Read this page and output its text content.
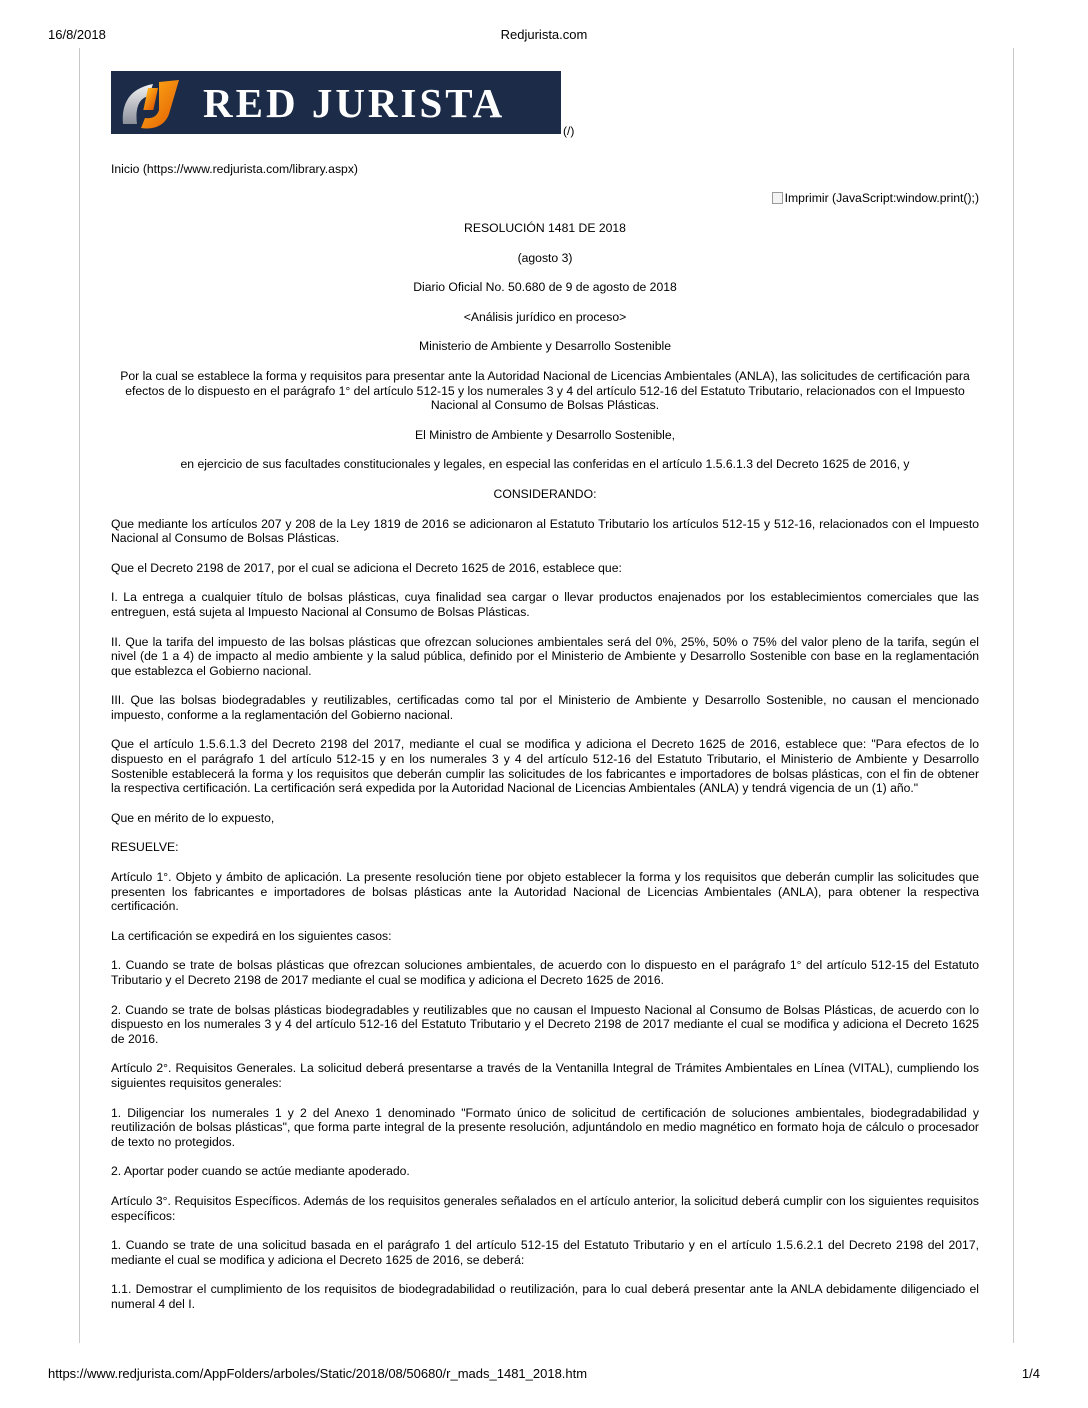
16/8/2018	Redjurista.com
RED JURISTA
(/)
Inicio (https://www.redjurista.com/library.aspx)
Imprimir (JavaScript:window.print();)

RESOLUCIÓN 1481 DE 2018

(agosto 3)

Diario Oficial No. 50.680 de 9 de agosto de 2018

<Análisis jurídico en proceso>

Ministerio de Ambiente y Desarrollo Sostenible

Por la cual se establece la forma y requisitos para presentar ante la Autoridad Nacional de Licencias Ambientales (ANLA), las solicitudes de certificación para efectos de lo dispuesto en el parágrafo 1° del artículo 512-15 y los numerales 3 y 4 del artículo 512-16 del Estatuto Tributario, relacionados con el Impuesto Nacional al Consumo de Bolsas Plásticas.

El Ministro de Ambiente y Desarrollo Sostenible,

en ejercicio de sus facultades constitucionales y legales, en especial las conferidas en el artículo 1.5.6.1.3 del Decreto 1625 de 2016, y

CONSIDERANDO:

Que mediante los artículos 207 y 208 de la Ley 1819 de 2016 se adicionaron al Estatuto Tributario los artículos 512-15 y 512-16, relacionados con el Impuesto Nacional al Consumo de Bolsas Plásticas.

Que el Decreto 2198 de 2017, por el cual se adiciona el Decreto 1625 de 2016, establece que:

I. La entrega a cualquier título de bolsas plásticas, cuya finalidad sea cargar o llevar productos enajenados por los establecimientos comerciales que las entreguen, está sujeta al Impuesto Nacional al Consumo de Bolsas Plásticas.

II. Que la tarifa del impuesto de las bolsas plásticas que ofrezcan soluciones ambientales será del 0%, 25%, 50% o 75% del valor pleno de la tarifa, según el nivel (de 1 a 4) de impacto al medio ambiente y la salud pública, definido por el Ministerio de Ambiente y Desarrollo Sostenible con base en la reglamentación que establezca el Gobierno nacional.

III. Que las bolsas biodegradables y reutilizables, certificadas como tal por el Ministerio de Ambiente y Desarrollo Sostenible, no causan el mencionado impuesto, conforme a la reglamentación del Gobierno nacional.

Que el artículo 1.5.6.1.3 del Decreto 2198 del 2017, mediante el cual se modifica y adiciona el Decreto 1625 de 2016, establece que: "Para efectos de lo dispuesto en el parágrafo 1 del artículo 512-15 y en los numerales 3 y 4 del artículo 512-16 del Estatuto Tributario, el Ministerio de Ambiente y Desarrollo Sostenible establecerá la forma y los requisitos que deberán cumplir las solicitudes de los fabricantes e importadores de bolsas plásticas, con el fin de obtener la respectiva certificación. La certificación será expedida por la Autoridad Nacional de Licencias Ambientales (ANLA) y tendrá vigencia de un (1) año."

Que en mérito de lo expuesto,

RESUELVE:

Artículo 1°. Objeto y ámbito de aplicación. La presente resolución tiene por objeto establecer la forma y los requisitos que deberán cumplir las solicitudes que presenten los fabricantes e importadores de bolsas plásticas ante la Autoridad Nacional de Licencias Ambientales (ANLA), para obtener la respectiva certificación.

La certificación se expedirá en los siguientes casos:

1. Cuando se trate de bolsas plásticas que ofrezcan soluciones ambientales, de acuerdo con lo dispuesto en el parágrafo 1° del artículo 512-15 del Estatuto Tributario y el Decreto 2198 de 2017 mediante el cual se modifica y adiciona el Decreto 1625 de 2016.

2. Cuando se trate de bolsas plásticas biodegradables y reutilizables que no causan el Impuesto Nacional al Consumo de Bolsas Plásticas, de acuerdo con lo dispuesto en los numerales 3 y 4 del artículo 512-16 del Estatuto Tributario y el Decreto 2198 de 2017 mediante el cual se modifica y adiciona el Decreto 1625 de 2016.

Artículo 2°. Requisitos Generales. La solicitud deberá presentarse a través de la Ventanilla Integral de Trámites Ambientales en Línea (VITAL), cumpliendo los siguientes requisitos generales:

1. Diligenciar los numerales 1 y 2 del Anexo 1 denominado "Formato único de solicitud de certificación de soluciones ambientales, biodegradabilidad y reutilización de bolsas plásticas", que forma parte integral de la presente resolución, adjuntándolo en medio magnético en formato hoja de cálculo o procesador de texto no protegidos.

2. Aportar poder cuando se actúe mediante apoderado.

Artículo 3°. Requisitos Específicos. Además de los requisitos generales señalados en el artículo anterior, la solicitud deberá cumplir con los siguientes requisitos específicos:

1. Cuando se trate de una solicitud basada en el parágrafo 1 del artículo 512-15 del Estatuto Tributario y en el artículo 1.5.6.2.1 del Decreto 2198 del 2017, mediante el cual se modifica y adiciona el Decreto 1625 de 2016, se deberá:

1.1. Demostrar el cumplimiento de los requisitos de biodegradabilidad o reutilización, para lo cual deberá presentar ante la ANLA debidamente diligenciado el numeral 4 del I.

https://www.redjurista.com/AppFolders/arboles/Static/2018/08/50680/r_mads_1481_2018.htm	1/4
